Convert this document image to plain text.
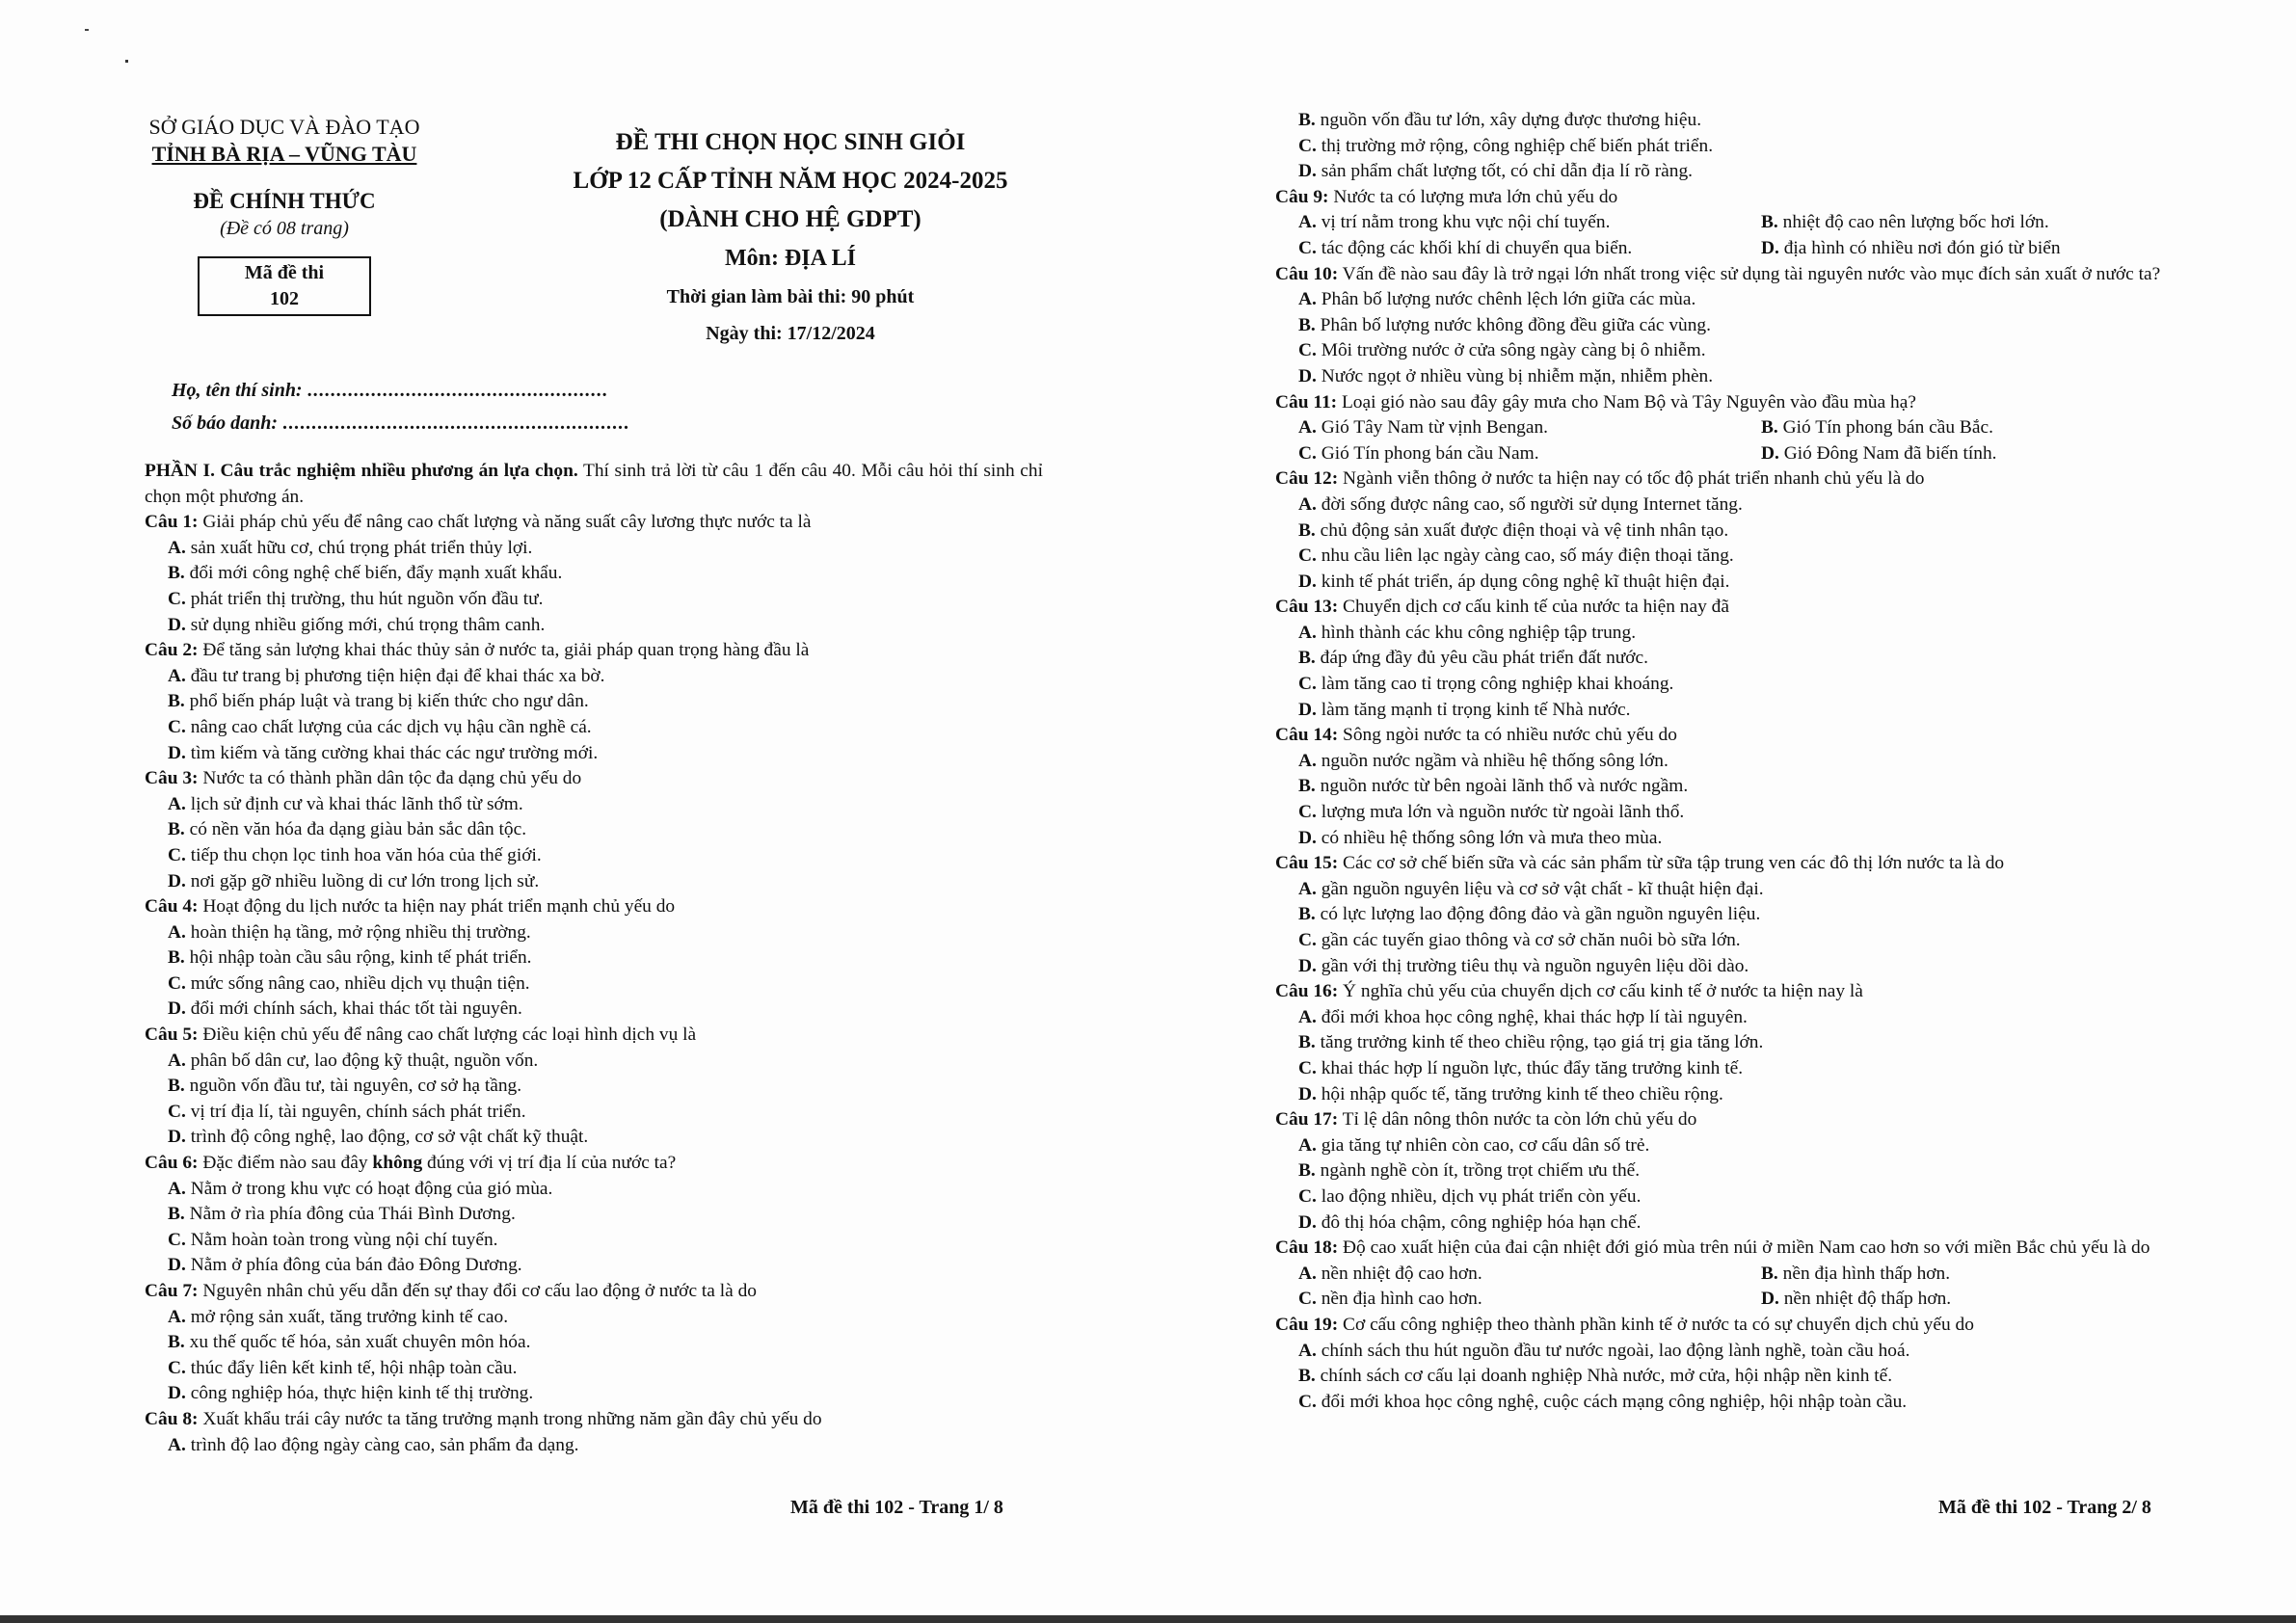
SỞ GIÁO DỤC VÀ ĐÀO TẠO
TỈNH BÀ RỊA – VŨNG TÀU
ĐỀ CHÍNH THỨC
(Đề có 08 trang)
Mã đề thi
102
ĐỀ THI CHỌN HỌC SINH GIỎI
LỚP 12 CẤP TỈNH NĂM HỌC 2024-2025
(DÀNH CHO HỆ GDPT)
Môn: ĐỊA LÍ
Thời gian làm bài thi: 90 phút
Ngày thi: 17/12/2024
Họ, tên thí sinh: ....................................................
Số báo danh: ............................................................
PHẦN I. Câu trắc nghiệm nhiều phương án lựa chọn. Thí sinh trả lời từ câu 1 đến câu 40. Mỗi câu hỏi thí sinh chỉ chọn một phương án.
Câu 1: Giải pháp chủ yếu để nâng cao chất lượng và năng suất cây lương thực nước ta là
A. sản xuất hữu cơ, chú trọng phát triển thủy lợi.
B. đổi mới công nghệ chế biến, đẩy mạnh xuất khẩu.
C. phát triển thị trường, thu hút nguồn vốn đầu tư.
D. sử dụng nhiều giống mới, chú trọng thâm canh.
Câu 2: Để tăng sản lượng khai thác thủy sản ở nước ta, giải pháp quan trọng hàng đầu là
A. đầu tư trang bị phương tiện hiện đại để khai thác xa bờ.
B. phổ biến pháp luật và trang bị kiến thức cho ngư dân.
C. nâng cao chất lượng của các dịch vụ hậu cần nghề cá.
D. tìm kiếm và tăng cường khai thác các ngư trường mới.
Câu 3: Nước ta có thành phần dân tộc đa dạng chủ yếu do
A. lịch sử định cư và khai thác lãnh thổ từ sớm.
B. có nền văn hóa đa dạng giàu bản sắc dân tộc.
C. tiếp thu chọn lọc tinh hoa văn hóa của thế giới.
D. nơi gặp gỡ nhiều luồng di cư lớn trong lịch sử.
Câu 4: Hoạt động du lịch nước ta hiện nay phát triển mạnh chủ yếu do
A. hoàn thiện hạ tầng, mở rộng nhiều thị trường.
B. hội nhập toàn cầu sâu rộng, kinh tế phát triển.
C. mức sống nâng cao, nhiều dịch vụ thuận tiện.
D. đổi mới chính sách, khai thác tốt tài nguyên.
Câu 5: Điều kiện chủ yếu để nâng cao chất lượng các loại hình dịch vụ là
A. phân bố dân cư, lao động kỹ thuật, nguồn vốn.
B. nguồn vốn đầu tư, tài nguyên, cơ sở hạ tầng.
C. vị trí địa lí, tài nguyên, chính sách phát triển.
D. trình độ công nghệ, lao động, cơ sở vật chất kỹ thuật.
Câu 6: Đặc điểm nào sau đây không đúng với vị trí địa lí của nước ta?
A. Nằm ở trong khu vực có hoạt động của gió mùa.
B. Nằm ở rìa phía đông của Thái Bình Dương.
C. Nằm hoàn toàn trong vùng nội chí tuyến.
D. Nằm ở phía đông của bán đảo Đông Dương.
Câu 7: Nguyên nhân chủ yếu dẫn đến sự thay đổi cơ cấu lao động ở nước ta là do
A. mở rộng sản xuất, tăng trưởng kinh tế cao.
B. xu thế quốc tế hóa, sản xuất chuyên môn hóa.
C. thúc đẩy liên kết kinh tế, hội nhập toàn cầu.
D. công nghiệp hóa, thực hiện kinh tế thị trường.
Câu 8: Xuất khẩu trái cây nước ta tăng trưởng mạnh trong những năm gần đây chủ yếu do
A. trình độ lao động ngày càng cao, sản phẩm đa dạng.
Mã đề thi 102 - Trang 1/ 8
B. nguồn vốn đầu tư lớn, xây dựng được thương hiệu.
C. thị trường mở rộng, công nghiệp chế biến phát triển.
D. sản phẩm chất lượng tốt, có chỉ dẫn địa lí rõ ràng.
Câu 9: Nước ta có lượng mưa lớn chủ yếu do
A. vị trí nằm trong khu vực nội chí tuyến.	B. nhiệt độ cao nên lượng bốc hơi lớn.
C. tác động các khối khí di chuyển qua biển.	D. địa hình có nhiều nơi đón gió từ biển
Câu 10: Vấn đề nào sau đây là trở ngại lớn nhất trong việc sử dụng tài nguyên nước vào mục đích sản xuất ở nước ta?
A. Phân bố lượng nước chênh lệch lớn giữa các mùa.
B. Phân bố lượng nước không đồng đều giữa các vùng.
C. Môi trường nước ở cửa sông ngày càng bị ô nhiễm.
D. Nước ngọt ở nhiều vùng bị nhiễm mặn, nhiễm phèn.
Câu 11: Loại gió nào sau đây gây mưa cho Nam Bộ và Tây Nguyên vào đầu mùa hạ?
A. Gió Tây Nam từ vịnh Bengan.	B. Gió Tín phong bán cầu Bắc.
C. Gió Tín phong bán cầu Nam.	D. Gió Đông Nam đã biến tính.
Câu 12: Ngành viễn thông ở nước ta hiện nay có tốc độ phát triển nhanh chủ yếu là do
A. đời sống được nâng cao, số người sử dụng Internet tăng.
B. chủ động sản xuất được điện thoại và vệ tinh nhân tạo.
C. nhu cầu liên lạc ngày càng cao, số máy điện thoại tăng.
D. kinh tế phát triển, áp dụng công nghệ kĩ thuật hiện đại.
Câu 13: Chuyển dịch cơ cấu kinh tế của nước ta hiện nay đã
A. hình thành các khu công nghiệp tập trung.
B. đáp ứng đầy đủ yêu cầu phát triển đất nước.
C. làm tăng cao tỉ trọng công nghiệp khai khoáng.
D. làm tăng mạnh tỉ trọng kinh tế Nhà nước.
Câu 14: Sông ngòi nước ta có nhiều nước chủ yếu do
A. nguồn nước ngầm và nhiều hệ thống sông lớn.
B. nguồn nước từ bên ngoài lãnh thổ và nước ngầm.
C. lượng mưa lớn và nguồn nước từ ngoài lãnh thổ.
D. có nhiều hệ thống sông lớn và mưa theo mùa.
Câu 15: Các cơ sở chế biến sữa và các sản phẩm từ sữa tập trung ven các đô thị lớn nước ta là do
A. gần nguồn nguyên liệu và cơ sở vật chất - kĩ thuật hiện đại.
B. có lực lượng lao động đông đảo và gần nguồn nguyên liệu.
C. gần các tuyến giao thông và cơ sở chăn nuôi bò sữa lớn.
D. gần với thị trường tiêu thụ và nguồn nguyên liệu dồi dào.
Câu 16: Ý nghĩa chủ yếu của chuyển dịch cơ cấu kinh tế ở nước ta hiện nay là
A. đổi mới khoa học công nghệ, khai thác hợp lí tài nguyên.
B. tăng trưởng kinh tế theo chiều rộng, tạo giá trị gia tăng lớn.
C. khai thác hợp lí nguồn lực, thúc đẩy tăng trưởng kinh tế.
D. hội nhập quốc tế, tăng trưởng kinh tế theo chiều rộng.
Câu 17: Tỉ lệ dân nông thôn nước ta còn lớn chủ yếu do
A. gia tăng tự nhiên còn cao, cơ cấu dân số trẻ.
B. ngành nghề còn ít, trồng trọt chiếm ưu thế.
C. lao động nhiều, dịch vụ phát triển còn yếu.
D. đô thị hóa chậm, công nghiệp hóa hạn chế.
Câu 18: Độ cao xuất hiện của đai cận nhiệt đới gió mùa trên núi ở miền Nam cao hơn so với miền Bắc chủ yếu là do
A. nền nhiệt độ cao hơn.	B. nền địa hình thấp hơn.
C. nền địa hình cao hơn.	D. nền nhiệt độ thấp hơn.
Câu 19: Cơ cấu công nghiệp theo thành phần kinh tế ở nước ta có sự chuyển dịch chủ yếu do
A. chính sách thu hút nguồn đầu tư nước ngoài, lao động lành nghề, toàn cầu hoá.
B. chính sách cơ cấu lại doanh nghiệp Nhà nước, mở cửa, hội nhập nền kinh tế.
C. đổi mới khoa học công nghệ, cuộc cách mạng công nghiệp, hội nhập toàn cầu.
Mã đề thi 102 - Trang 2/ 8
